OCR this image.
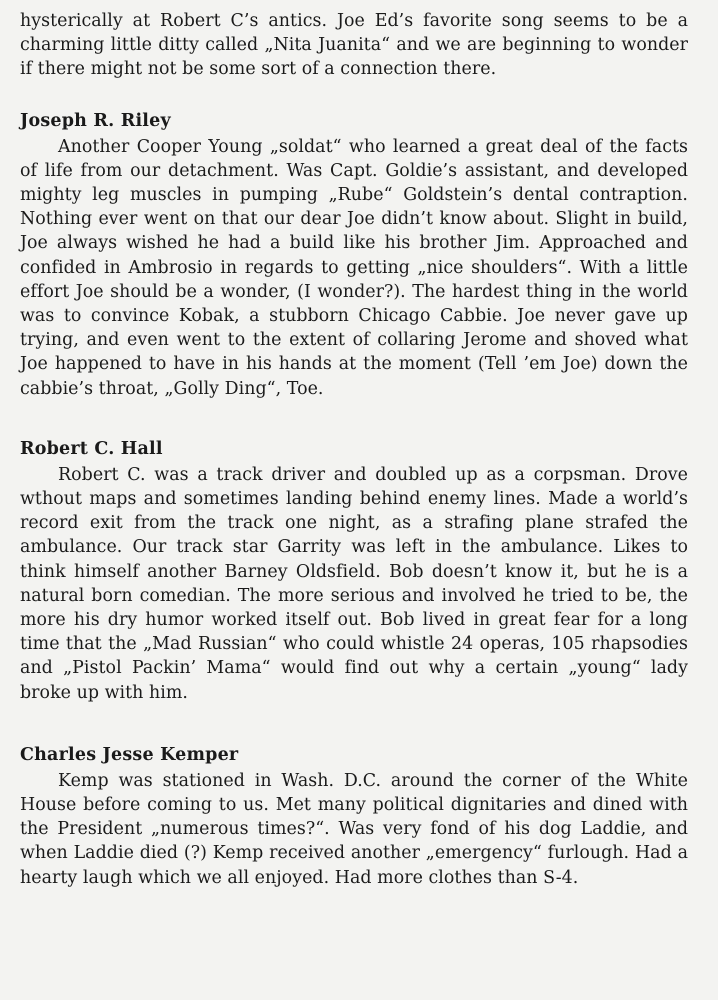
hysterically at Robert C’s antics. Joe Ed’s favorite song seems to be a charming little ditty called „Nita Juanita“ and we are beginning to wonder if there might not be some sort of a connection there.

Joseph R. Riley

Another Cooper Young „soldat“ who learned a great deal of the facts of life from our detachment. Was Capt. Goldie’s assistant, and developed mighty leg muscles in pumping „Rube“ Goldstein’s dental contraption. Nothing ever went on that our dear Joe didn’t know about. Slight in build, Joe always wished he had a build like his brother Jim. Approached and confided in Ambrosio in regards to getting „nice shoulders“. With a little effort Joe should be a wonder, (I wonder?). The hardest thing in the world was to convince Kobak, a stubborn Chicago Cabbie. Joe never gave up trying, and even went to the extent of collaring Jerome and shoved what Joe happened to have in his hands at the moment (Tell ’em Joe) down the cabbie’s throat, „Golly Ding“, Toe.

Robert C. Hall

Robert C. was a track driver and doubled up as a corpsman. Drove wthout maps and sometimes landing behind enemy lines. Made a world’s record exit from the track one night, as a strafing plane strafed the ambulance. Our track star Garrity was left in the ambulance. Likes to think himself another Barney Oldsfield. Bob doesn’t know it, but he is a natural born comedian. The more serious and involved he tried to be, the more his dry humor worked itself out. Bob lived in great fear for a long time that the „Mad Russian“ who could whistle 24 operas, 105 rhapsodies and „Pistol Packin’ Mama“ would find out why a certain „young“ lady broke up with him.

Charles Jesse Kemper

Kemp was stationed in Wash. D.C. around the corner of the White House before coming to us. Met many political dignitaries and dined with the President „numerous times?“. Was very fond of his dog Laddie, and when Laddie died (?) Kemp received another „emergency“ furlough. Had a hearty laugh which we all enjoyed. Had more clothes than S-4.
